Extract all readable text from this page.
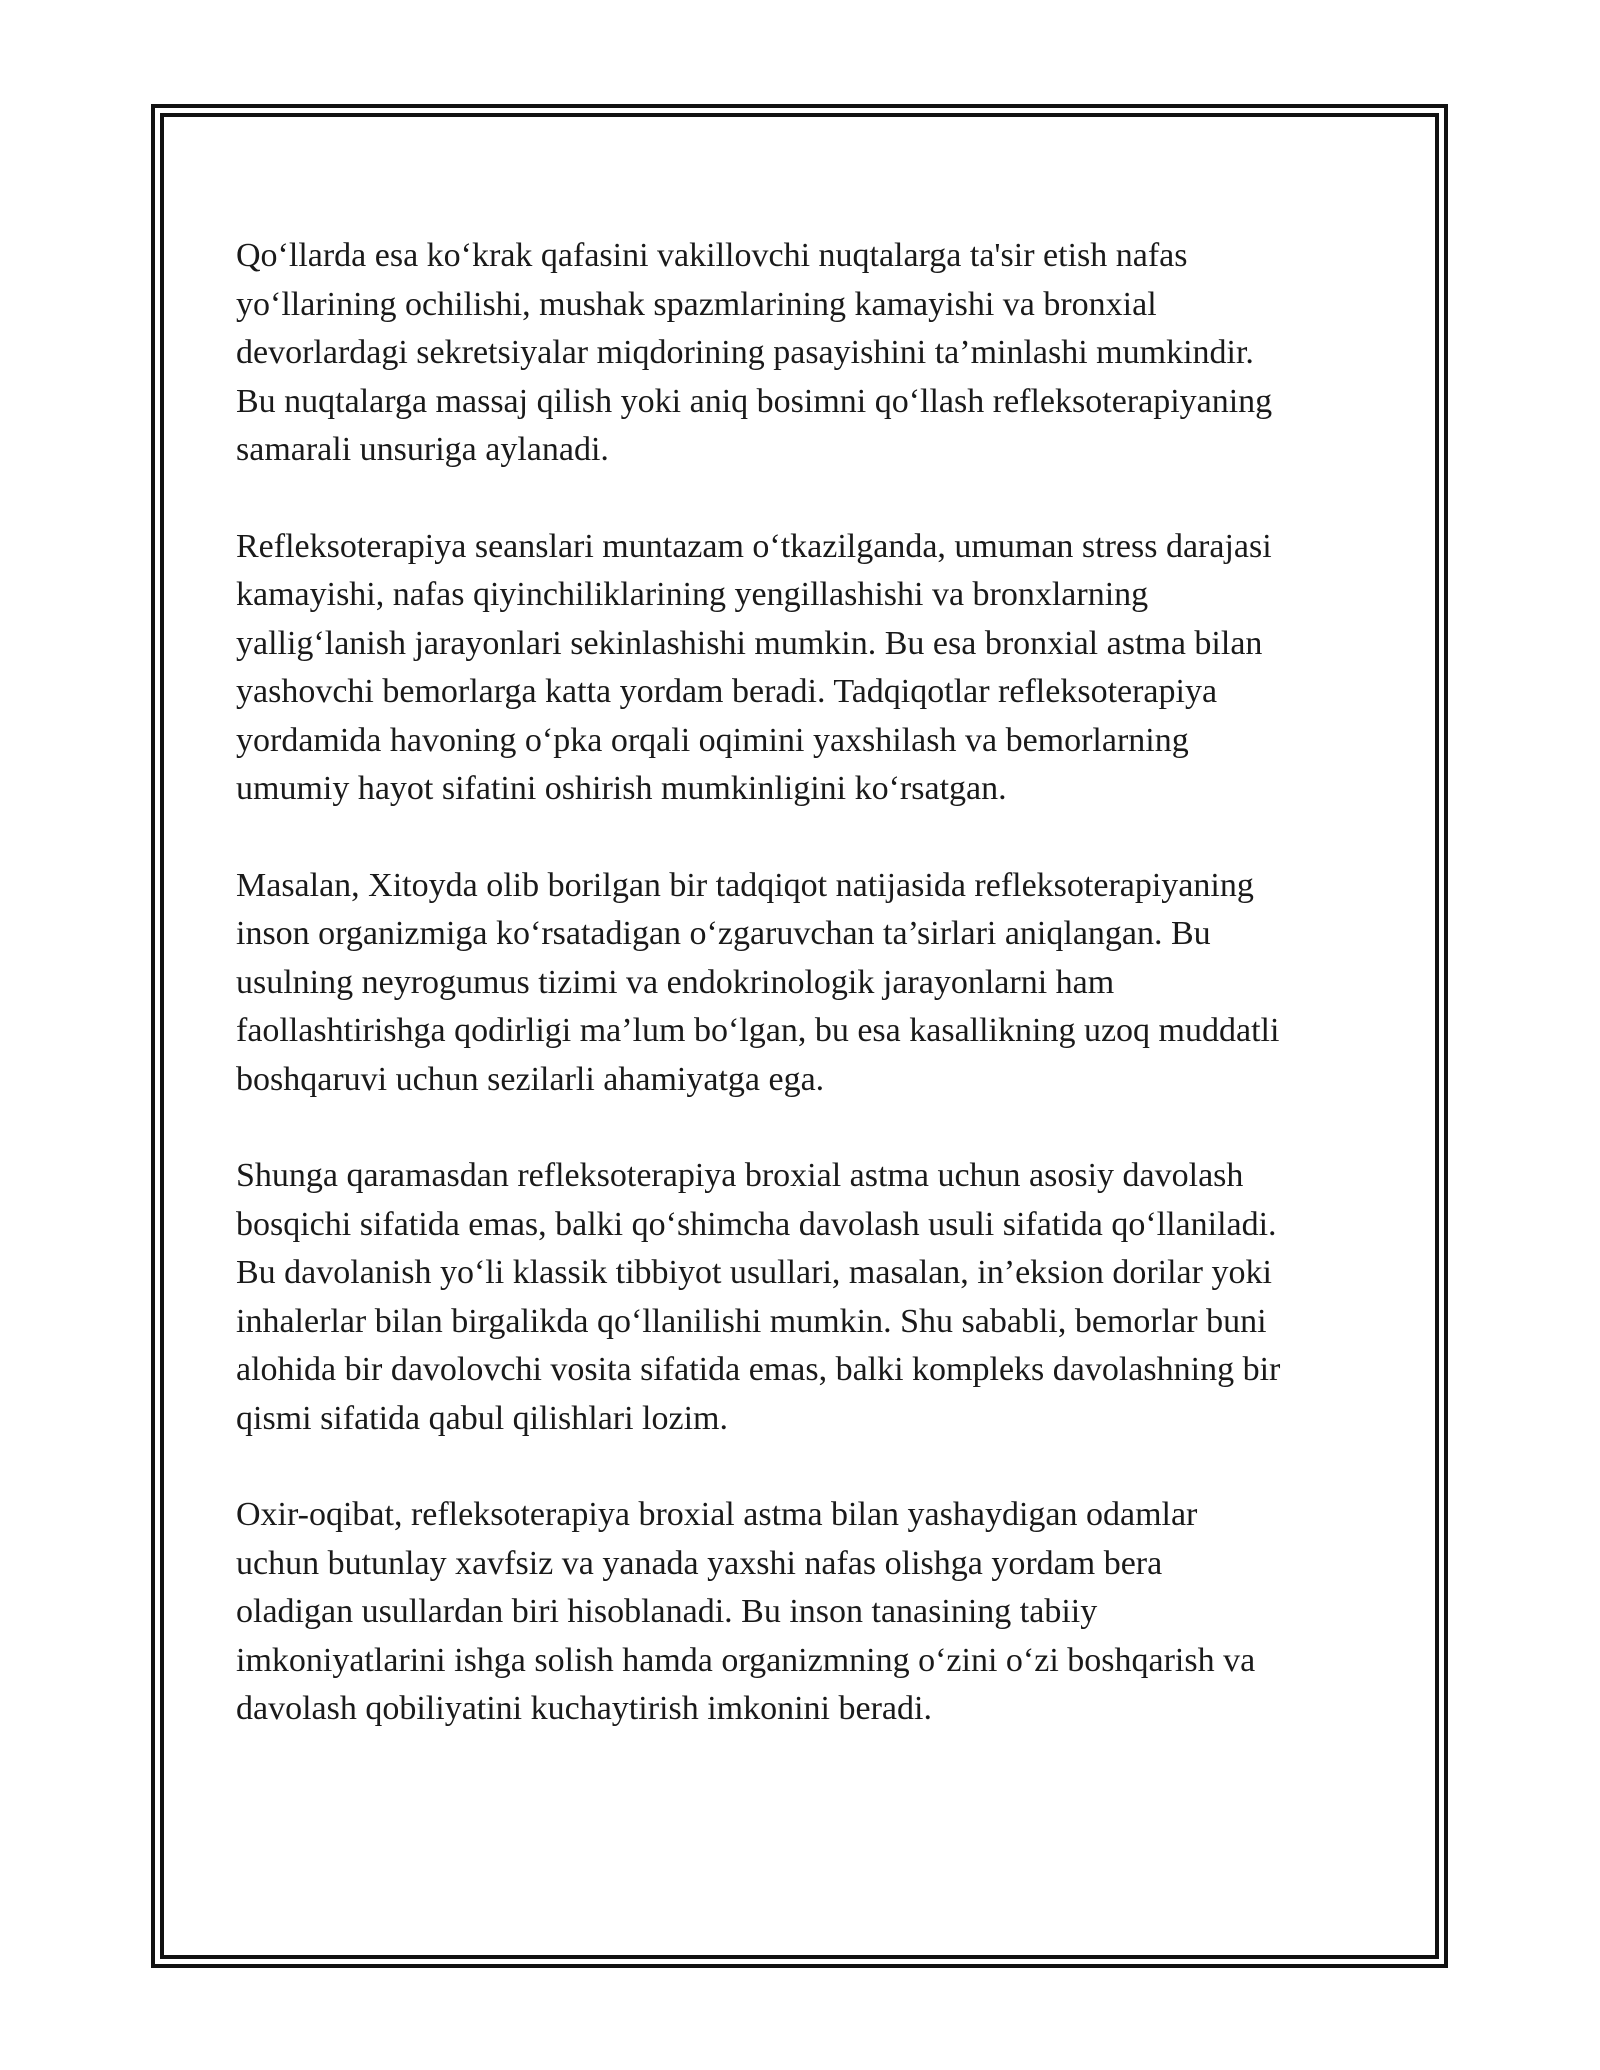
Qo‘llarda esa ko‘krak qafasini vakillovchi nuqtalarga ta'sir etish nafas
yo‘llarining ochilishi, mushak spazmlarining kamayishi va bronxial
devorlardagi sekretsiyalar miqdorining pasayishini ta’minlashi mumkindir.
Bu nuqtalarga massaj qilish yoki aniq bosimni qo‘llash refleksoterapiyaning
samarali unsuriga aylanadi.

Refleksoterapiya seanslari muntazam o‘tkazilganda, umuman stress darajasi
kamayishi, nafas qiyinchiliklarining yengillashishi va bronxlarning
yallig‘lanish jarayonlari sekinlashishi mumkin. Bu esa bronxial astma bilan
yashovchi bemorlarga katta yordam beradi. Tadqiqotlar refleksoterapiya
yordamida havoning o‘pka orqali oqimini yaxshilash va bemorlarning
umumiy hayot sifatini oshirish mumkinligini ko‘rsatgan.

Masalan, Xitoyda olib borilgan bir tadqiqot natijasida refleksoterapiyaning
inson organizmiga ko‘rsatadigan o‘zgaruvchan ta’sirlari aniqlangan. Bu
usulning neyrogumus tizimi va endokrinologik jarayonlarni ham
faollashtirishga qodirligi ma’lum bo‘lgan, bu esa kasallikning uzoq muddatli
boshqaruvi uchun sezilarli ahamiyatga ega.

Shunga qaramasdan refleksoterapiya broxial astma uchun asosiy davolash
bosqichi sifatida emas, balki qo‘shimcha davolash usuli sifatida qo‘llaniladi.
Bu davolanish yo‘li klassik tibbiyot usullari, masalan, in’eksion dorilar yoki
inhalerlar bilan birgalikda qo‘llanilishi mumkin. Shu sababli, bemorlar buni
alohida bir davolovchi vosita sifatida emas, balki kompleks davolashning bir
qismi sifatida qabul qilishlari lozim.

Oxir-oqibat, refleksoterapiya broxial astma bilan yashaydigan odamlar
uchun butunlay xavfsiz va yanada yaxshi nafas olishga yordam bera
oladigan usullardan biri hisoblanadi. Bu inson tanasining tabiiy
imkoniyatlarini ishga solish hamda organizmning o‘zini o‘zi boshqarish va
davolash qobiliyatini kuchaytirish imkonini beradi.
